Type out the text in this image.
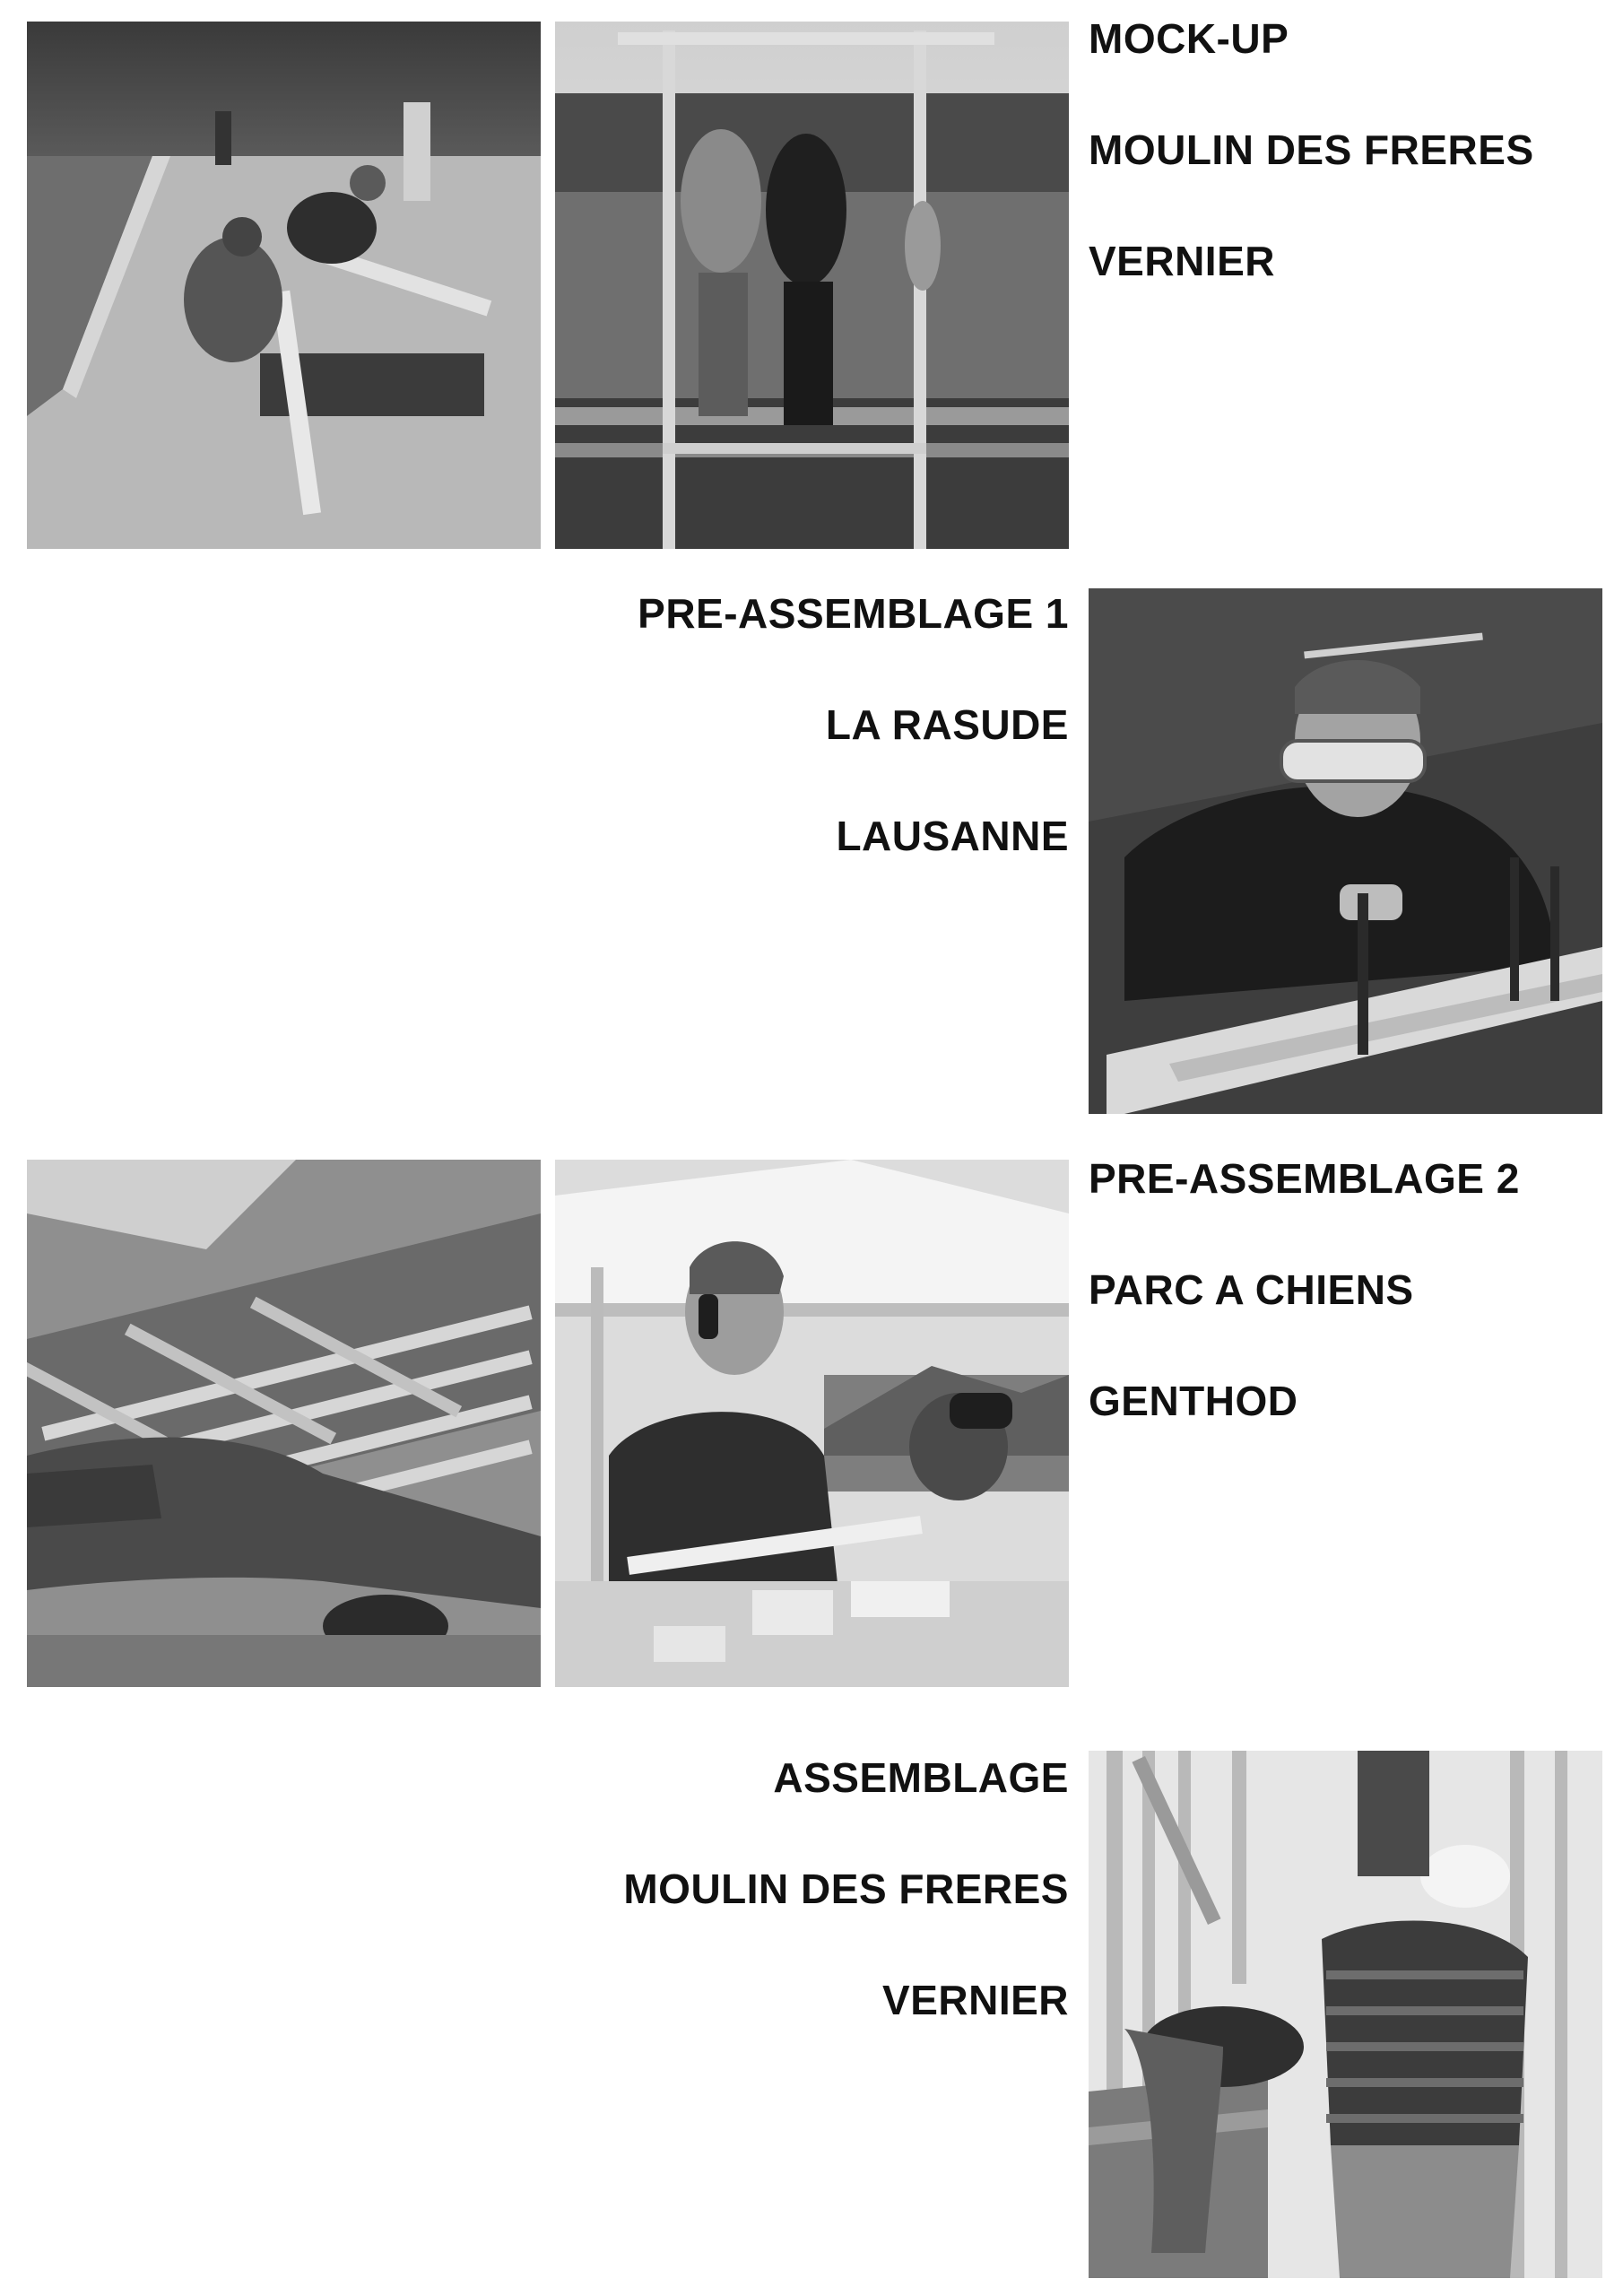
MOCK-UP
MOULIN DES FRERES
VERNIER
PRE-ASSEMBLAGE 1
LA RASUDE
LAUSANNE
PRE-ASSEMBLAGE 2
PARC A CHIENS
GENTHOD
ASSEMBLAGE
MOULIN DES FRERES
VERNIER
